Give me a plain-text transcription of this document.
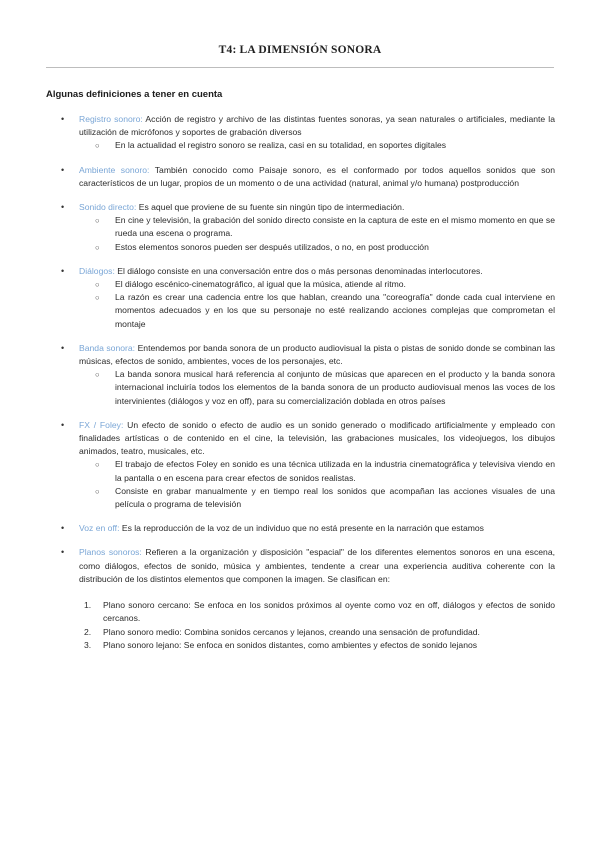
T4: LA DIMENSIÓN SONORA
Algunas definiciones a tener en cuenta
• Registro sonoro: Acción de registro y archivo de las distintas fuentes sonoras, ya sean naturales o artificiales, mediante la utilización de micrófonos y soportes de grabación diversos

○ En la actualidad el registro sonoro se realiza, casi en su totalidad, en soportes digitales
• Ambiente sonoro: También conocido como Paisaje sonoro, es el conformado por todos aquellos sonidos que son característicos de un lugar, propios de un momento o de una actividad (natural, animal y/o humana) postproducción

• Sonido directo: Es aquel que proviene de su fuente sin ningún tipo de intermediación.

○ En cine y televisión, la grabación del sonido directo consiste en la captura de este en el mismo momento en que se rueda una escena o programa.
○ Estos elementos sonoros pueden ser después utilizados, o no, en post producción
• Diálogos: El diálogo consiste en una conversación entre dos o más personas denominadas interlocutores.

○ El diálogo escénico-cinematográfico, al igual que la música, atiende al ritmo.
○ La razón es crear una cadencia entre los que hablan, creando una "coreografía" donde cada cual interviene en momentos adecuados y en los que su personaje no esté realizando acciones complejas que comprometan el montaje
• Banda sonora: Entendemos por banda sonora de un producto audiovisual la pista o pistas de sonido donde se combinan las músicas, efectos de sonido, ambientes, voces de los personajes, etc.

○ La banda sonora musical hará referencia al conjunto de músicas que aparecen en el producto y la banda sonora internacional incluiría todos los elementos de la banda sonora de un producto audiovisual menos las voces de los intervinientes (diálogos y voz en off), para su comercialización doblada en otros países
• FX / Foley: Un efecto de sonido o efecto de audio es un sonido generado o modificado artificialmente y empleado con finalidades artísticas o de contenido en el cine, la televisión, las grabaciones musicales, los videojuegos, los dibujos animados, teatro, musicales, etc.

○ El trabajo de efectos Foley en sonido es una técnica utilizada en la industria cinematográfica y televisiva viendo en la pantalla o en escena para crear efectos de sonidos realistas.
○ Consiste en grabar manualmente y en tiempo real los sonidos que acompañan las acciones visuales de una película o programa de televisión
• Voz en off: Es la reproducción de la voz de un individuo que no está presente en la narración que estamos

• Planos sonoros: Refieren a la organización y disposición "espacial" de los diferentes elementos sonoros en una escena, como diálogos, efectos de sonido, música y ambientes, tendente a crear una experiencia auditiva coherente con la distribución de los distintos elementos que componen la imagen. Se clasifican en:

1. Plano sonoro cercano: Se enfoca en los sonidos próximos al oyente como voz en off, diálogos y efectos de sonido cercanos.
2. Plano sonoro medio: Combina sonidos cercanos y lejanos, creando una sensación de profundidad.
3. Plano sonoro lejano: Se enfoca en sonidos distantes, como ambientes y efectos de sonido lejanos
